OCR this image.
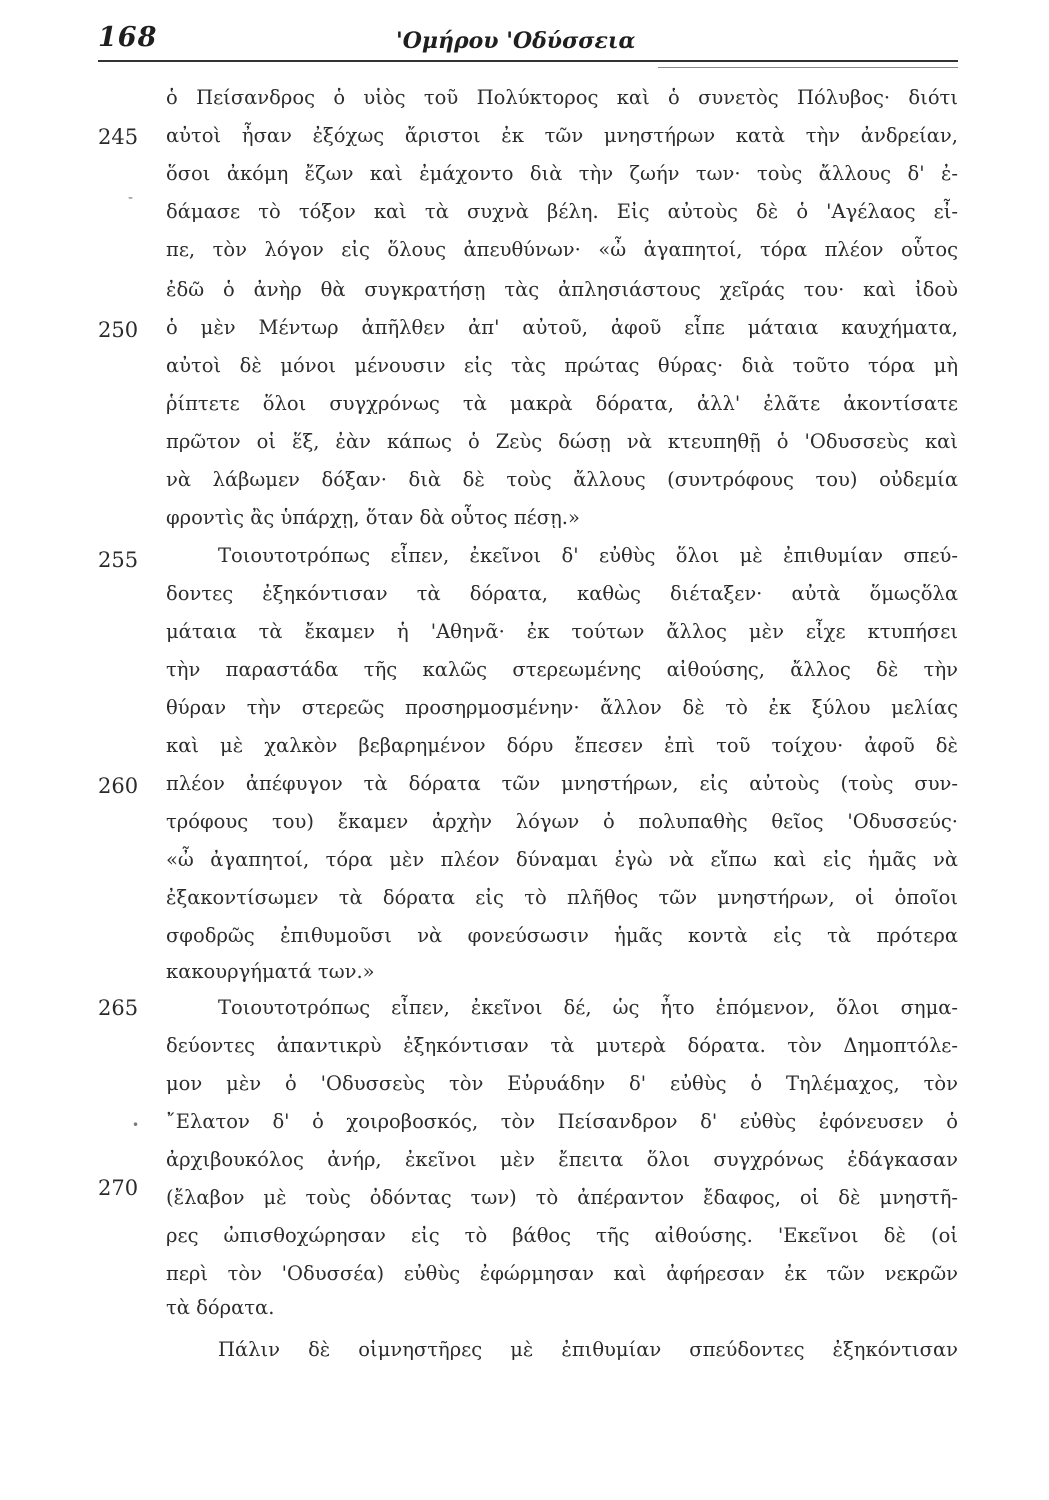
168	'Ομήρου 'Οδύσσεια
245
250
255
260
265
270
-
•
ὁ Πείσανδρος ὁ υἱὸς τοῦ Πολύκτορος καὶ ὁ συνετὸς Πόλυβος· διότι
αὐτοὶ ἦσαν ἐξόχως ἄριστοι ἐκ τῶν μνηστήρων κατὰ τὴν ἀνδρείαν,
ὅσοι ἀκόμη ἔζων καὶ ἐμάχοντο διὰ τὴν ζωήν των· τοὺς ἄλλους δ' ἐ-
δάμασε τὸ τόξον καὶ τὰ συχνὰ βέλη. Εἰς αὐτοὺς δὲ ὁ 'Αγέλαος εἶ-
πε, τὸν λόγον εἰς ὅλους ἀπευθύνων· «ὦ ἀγαπητοί, τόρα πλέον οὗτος
ἐδῶ ὁ ἀνὴρ θὰ συγκρατήσῃ τὰς ἀπλησιάστους χεῖράς του· καὶ ἰδοὺ
ὁ μὲν Μέντωρ ἀπῆλθεν ἀπ' αὐτοῦ, ἀφοῦ εἶπε μάταια καυχήματα,
αὐτοὶ δὲ μόνοι μένουσιν εἰς τὰς πρώτας θύρας· διὰ τοῦτο τόρα μὴ
ῥίπτετε ὅλοι συγχρόνως τὰ μακρὰ δόρατα, ἀλλ' ἐλᾶτε ἀκοντίσατε
πρῶτον οἱ ἕξ, ἐὰν κάπως ὁ Ζεὺς δώσῃ νὰ κτευπηθῇ ὁ 'Οδυσσεὺς καὶ
νὰ λάβωμεν δόξαν· διὰ δὲ τοὺς ἄλλους (συντρόφους του) οὐδεμία
φροντὶς ἂς ὑπάρχῃ, ὅταν δὰ οὗτος πέσῃ.»
Τοιουτοτρόπως εἶπεν, ἐκεῖνοι δ' εὐθὺς ὅλοι μὲ ἐπιθυμίαν σπεύ-
δοντες ἐξηκόντισαν τὰ δόρατα, καθὼς διέταξεν· αὐτὰ ὅμωςὅλα
μάταια τὰ ἔκαμεν ἡ 'Αθηνᾶ· ἐκ τούτων ἄλλος μὲν εἶχε κτυπήσει
τὴν παραστάδα τῆς καλῶς στερεωμένης αἰθούσης, ἄλλος δὲ τὴν
θύραν τὴν στερεῶς προσηρμοσμένην· ἄλλον δὲ τὸ ἐκ ξύλου μελίας
καὶ μὲ χαλκὸν βεβαρημένον δόρυ ἔπεσεν ἐπὶ τοῦ τοίχου· ἀφοῦ δὲ
πλέον ἀπέφυγον τὰ δόρατα τῶν μνηστήρων, εἰς αὐτοὺς (τοὺς συν-
τρόφους του) ἔκαμεν ἀρχὴν λόγων ὁ πολυπαθὴς θεῖος 'Οδυσσεύς·
«ὦ ἀγαπητοί, τόρα μὲν πλέον δύναμαι ἐγὼ νὰ εἴπω καὶ εἰς ἡμᾶς νὰ
ἐξακοντίσωμεν τὰ δόρατα εἰς τὸ πλῆθος τῶν μνηστήρων, οἱ ὁποῖοι
σφοδρῶς ἐπιθυμοῦσι νὰ φονεύσωσιν ἡμᾶς κοντὰ εἰς τὰ πρότερα
κακουργήματά των.»
Τοιουτοτρόπως εἶπεν, ἐκεῖνοι δέ, ὡς ἦτο ἑπόμενον, ὅλοι σημα-
δεύοντες ἀπαντικρὺ ἐξηκόντισαν τὰ μυτερὰ δόρατα. τὸν Δημοπτόλε-
μον μὲν ὁ 'Οδυσσεὺς τὸν Εὐρυάδην δ' εὐθὺς ὁ Τηλέμαχος, τὸν
῎Ελατον δ' ὁ χοιροβοσκός, τὸν Πείσανδρον δ' εὐθὺς ἐφόνευσεν ὁ
ἀρχιβουκόλος ἀνήρ, ἐκεῖνοι μὲν ἔπειτα ὅλοι συγχρόνως ἐδάγκασαν
(ἔλαβον μὲ τοὺς ὀδόντας των) τὸ ἀπέραντον ἔδαφος, οἱ δὲ μνηστῆ-
ρες ὠπισθοχώρησαν εἰς τὸ βάθος τῆς αἰθούσης. 'Εκεῖνοι δὲ (οἱ
περὶ τὸν 'Οδυσσέα) εὐθὺς ἐφώρμησαν καὶ ἀφήρεσαν ἐκ τῶν νεκρῶν
τὰ δόρατα.
Πάλιν δὲ οἱμνηστῆρες μὲ ἐπιθυμίαν σπεύδοντες ἐξηκόντισαν
